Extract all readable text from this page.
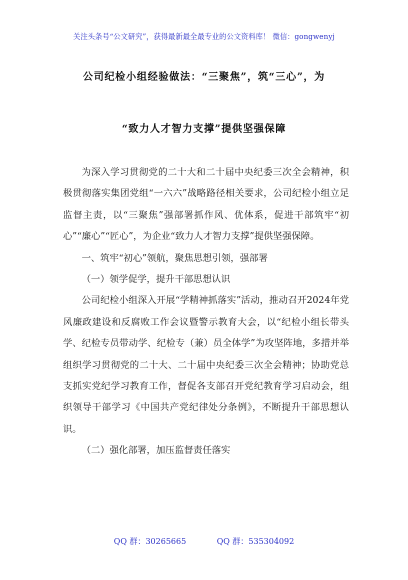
关注头条号“公文研究”，获得最新最全最专业的公文资料库！ 微信：gongwenyj
公司纪检小组经验做法：“三聚焦”，筑“三心”，为
“致力人才智力支撑”提供坚强保障

为深入学习贯彻党的二十大和二十届中央纪委三次全会精神，积极贯彻落实集团党组“一六六”战略路径相关要求，公司纪检小组立足监督主责，以“三聚焦”强部署抓作风、优体系，促进干部筑牢“初心”“廉心”“匠心”，为企业“致力人才智力支撑”提供坚强保障。

一、筑牢“初心”领航，聚焦思想引领，强部署

（一）领学促学，提升干部思想认识

公司纪检小组深入开展“学精神抓落实”活动，推动召开2024年党风廉政建设和反腐败工作会议暨警示教育大会，以“纪检小组长带头学、纪检专员带动学、纪检专（兼）员全体学”为攻坚阵地，多措并举组织学习贯彻党的二十大、二十届中央纪委三次全会精神；协助党总支抓实党纪学习教育工作，督促各支部召开党纪教育学习启动会，组织领导干部学习《中国共产党纪律处分条例》，不断提升干部思想认识。

（二）强化部署，加压监督责任落实

QQ 群：30265665	QQ 群：535304092
